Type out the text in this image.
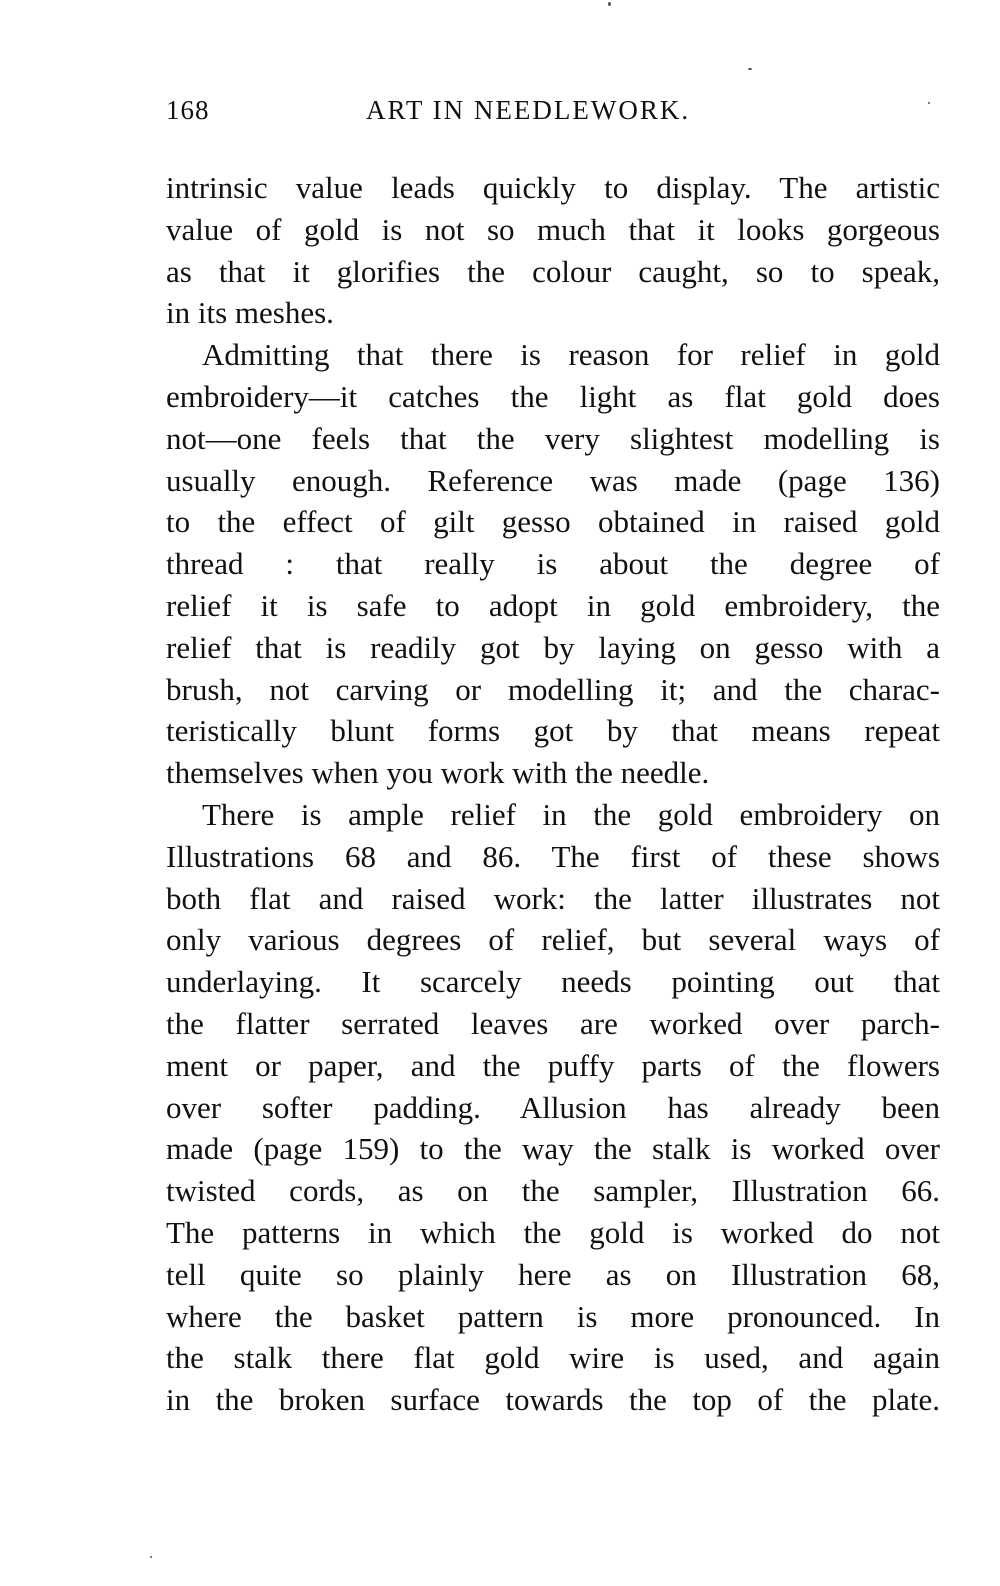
168	ART IN NEEDLEWORK.
intrinsic value leads quickly to display. The artistic
value of gold is not so much that it looks gorgeous
as that it glorifies the colour caught, so to speak,
in its meshes.
Admitting that there is reason for relief in gold
embroidery—it catches the light as flat gold does
not—one feels that the very slightest modelling is
usually enough. Reference was made (page 136)
to the effect of gilt gesso obtained in raised gold
thread : that really is about the degree of
relief it is safe to adopt in gold embroidery, the
relief that is readily got by laying on gesso with a
brush, not carving or modelling it; and the charac-
teristically blunt forms got by that means repeat
themselves when you work with the needle.
There is ample relief in the gold embroidery on
Illustrations 68 and 86. The first of these shows
both flat and raised work: the latter illustrates not
only various degrees of relief, but several ways of
underlaying. It scarcely needs pointing out that
the flatter serrated leaves are worked over parch-
ment or paper, and the puffy parts of the flowers
over softer padding. Allusion has already been
made (page 159) to the way the stalk is worked over
twisted cords, as on the sampler, Illustration 66.
The patterns in which the gold is worked do not
tell quite so plainly here as on Illustration 68,
where the basket pattern is more pronounced. In
the stalk there flat gold wire is used, and again
in the broken surface towards the top of the plate.
